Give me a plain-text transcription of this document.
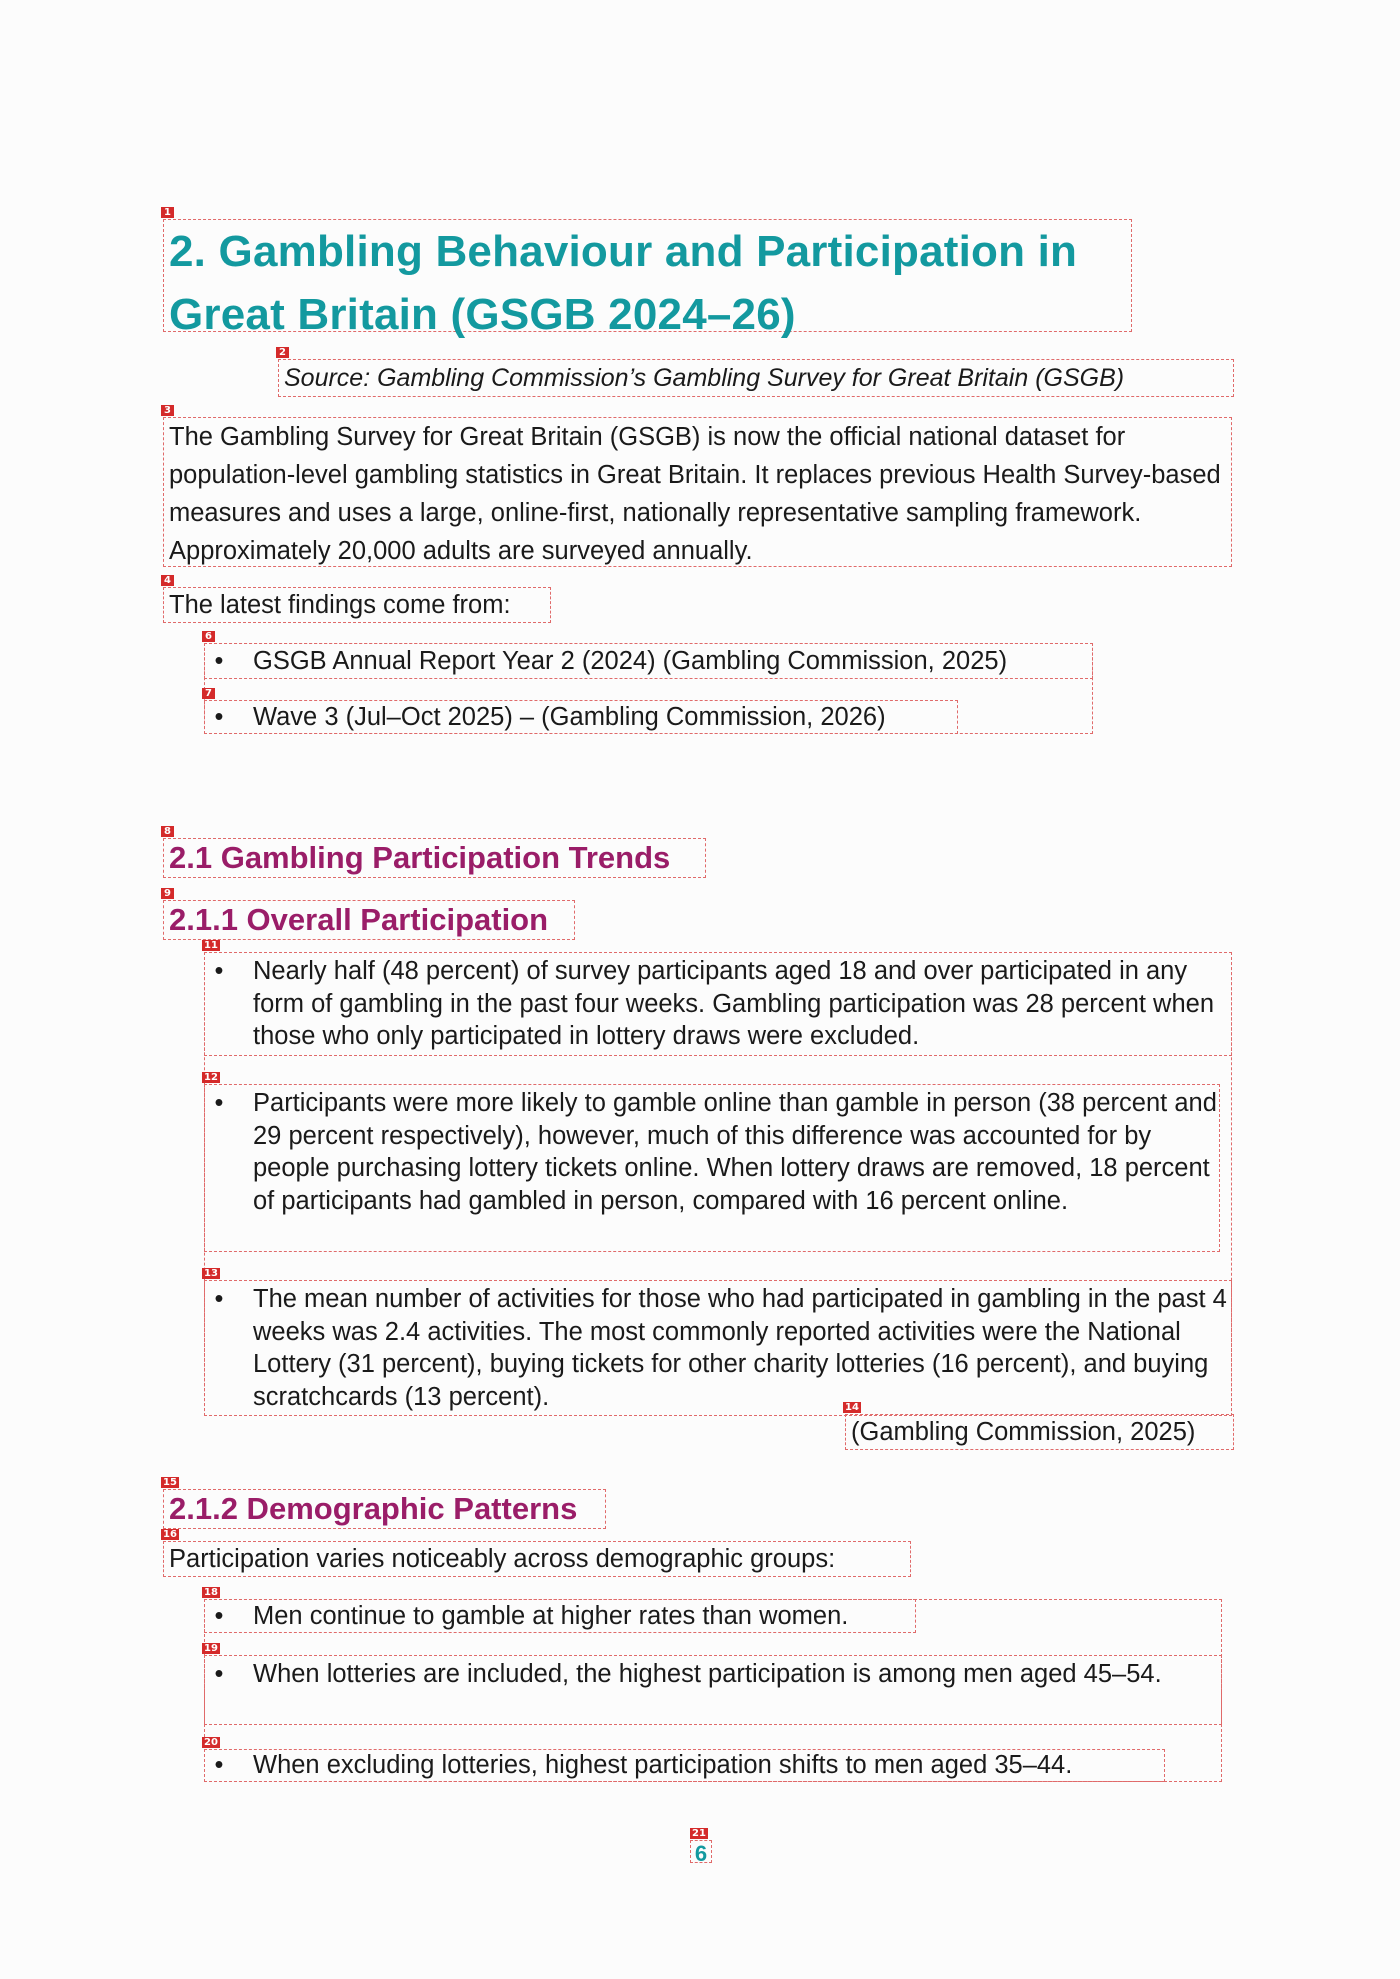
1
2. Gambling Behaviour and Participation in Great Britain (GSGB 2024–26)
2

Source: Gambling Commission’s Gambling Survey for Great Britain (GSGB)

3

The Gambling Survey for Great Britain (GSGB) is now the official national dataset for population-level gambling statistics in Great Britain. It replaces previous Health Survey-based measures and uses a large, online-first, nationally representative sampling framework. Approximately 20,000 adults are surveyed annually.

4

The latest findings come from:

6

• GSGB Annual Report Year 2 (2024) (Gambling Commission, 2025)

7

• Wave 3 (Jul–Oct 2025) – (Gambling Commission, 2026)

8
2.1 Gambling Participation Trends
9
2.1.1 Overall Participation
11

• Nearly half (48 percent) of survey participants aged 18 and over participated in any form of gambling in the past four weeks. Gambling participation was 28 percent when those who only participated in lottery draws were excluded.

12

• Participants were more likely to gamble online than gamble in person (38 percent and 29 percent respectively), however, much of this difference was accounted for by people purchasing lottery tickets online. When lottery draws are removed, 18 percent of participants had gambled in person, compared with 16 percent online.

13

• The mean number of activities for those who had participated in gambling in the past 4 weeks was 2.4 activities. The most commonly reported activities were the National Lottery (31 percent), buying tickets for other charity lotteries (16 percent), and buying scratchcards (13 percent).	14

(Gambling Commission, 2025)

15
2.1.2 Demographic Patterns
16

Participation varies noticeably across demographic groups:

18

• Men continue to gamble at higher rates than women.

19

• When lotteries are included, the highest participation is among men aged 45–54.

20

• When excluding lotteries, highest participation shifts to men aged 35–44.

21
6
